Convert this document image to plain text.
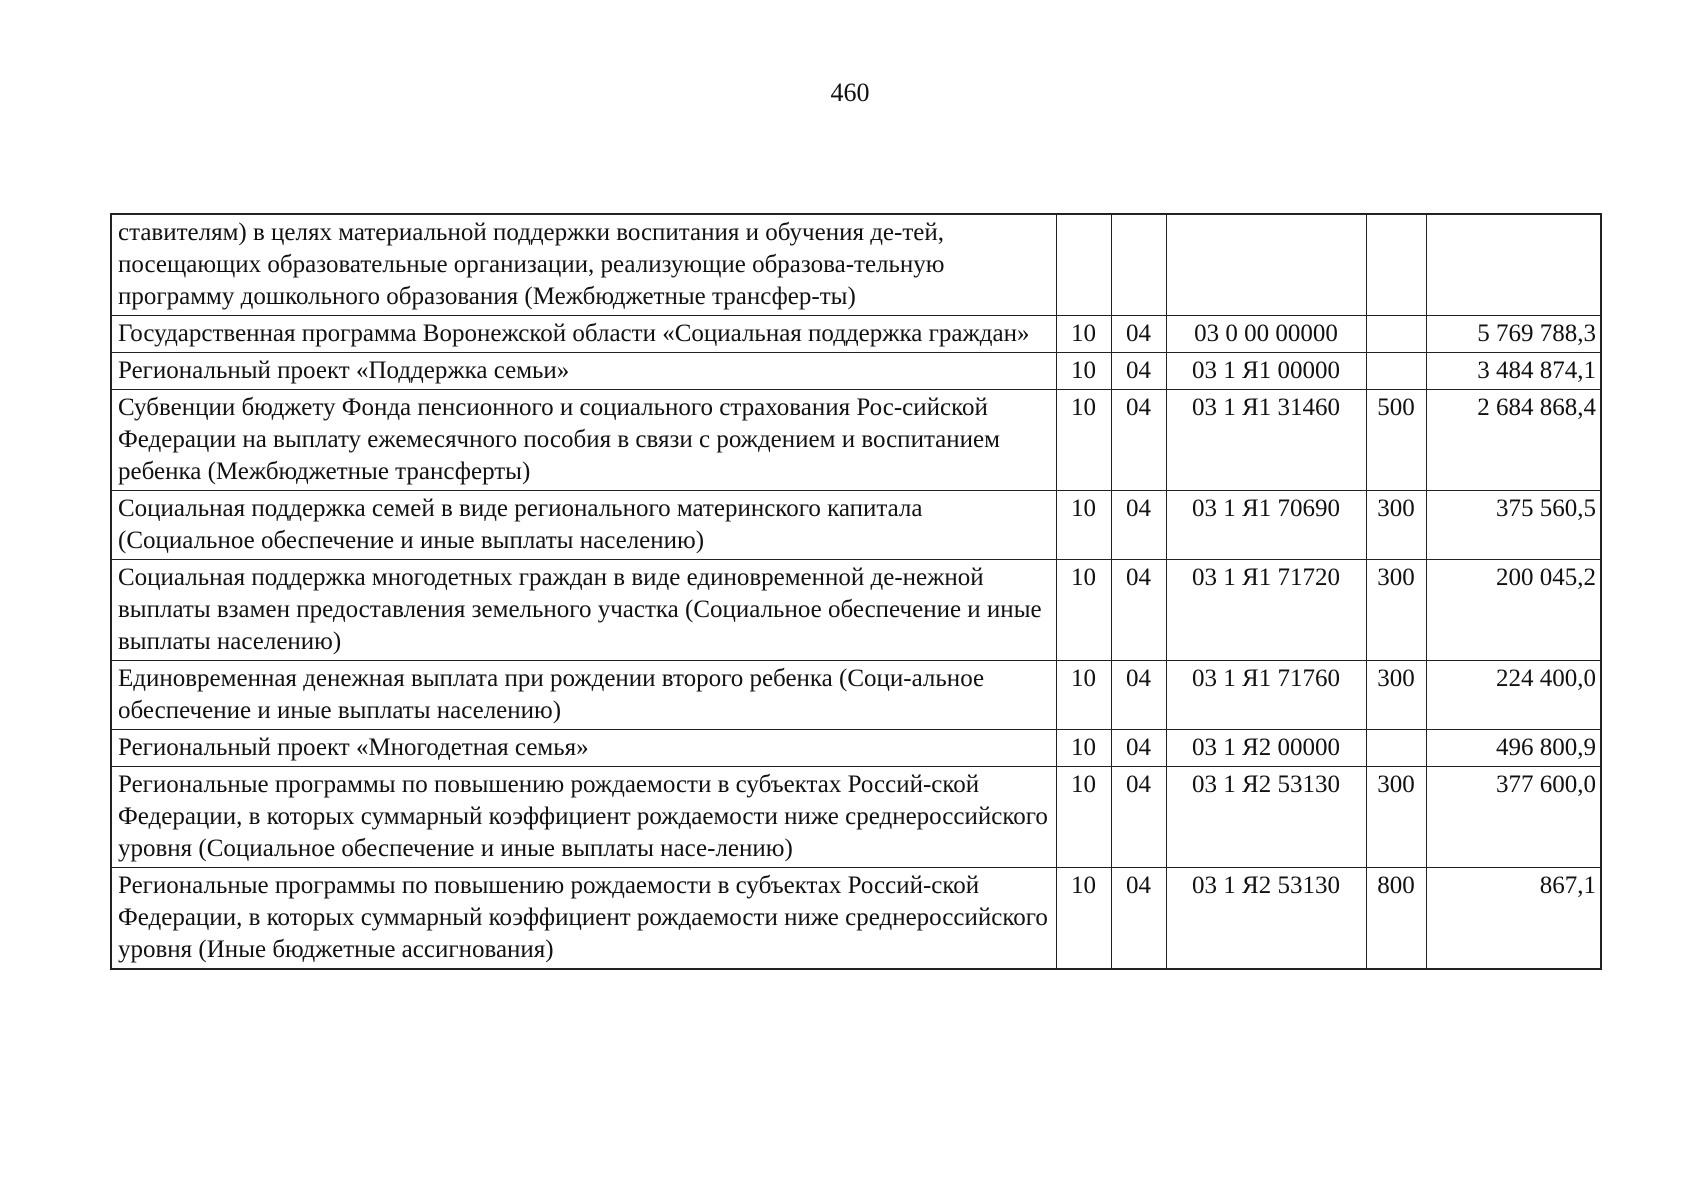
460
ставителям) в целях материальной поддержки воспитания и обучения де-тей, посещающих образовательные организации, реализующие образова-тельную программу дошкольного образования (Межбюджетные трансфер-ты)					
Государственная программа Воронежской области «Социальная поддержка граждан»	10	04	03 0 00 00000		5 769 788,3
Региональный проект «Поддержка семьи»	10	04	03 1 Я1 00000		3 484 874,1
Субвенции бюджету Фонда пенсионного и социального страхования Рос-сийской Федерации на выплату ежемесячного пособия в связи с рождением и воспитанием ребенка (Межбюджетные трансферты)	10	04	03 1 Я1 31460	500	2 684 868,4
Социальная поддержка семей в виде регионального материнского капитала (Социальное обеспечение и иные выплаты населению)	10	04	03 1 Я1 70690	300	375 560,5
Социальная поддержка многодетных граждан в виде единовременной де-нежной выплаты взамен предоставления земельного участка (Социальное обеспечение и иные выплаты населению)	10	04	03 1 Я1 71720	300	200 045,2
Единовременная денежная выплата при рождении второго ребенка (Соци-альное обеспечение и иные выплаты населению)	10	04	03 1 Я1 71760	300	224 400,0
Региональный проект «Многодетная семья»	10	04	03 1 Я2 00000		496 800,9
Региональные программы по повышению рождаемости в субъектах Россий-ской Федерации, в которых суммарный коэффициент рождаемости ниже среднероссийского уровня (Социальное обеспечение и иные выплаты насе-лению)	10	04	03 1 Я2 53130	300	377 600,0
Региональные программы по повышению рождаемости в субъектах Россий-ской Федерации, в которых суммарный коэффициент рождаемости ниже среднероссийского уровня (Иные бюджетные ассигнования)	10	04	03 1 Я2 53130	800	867,1
